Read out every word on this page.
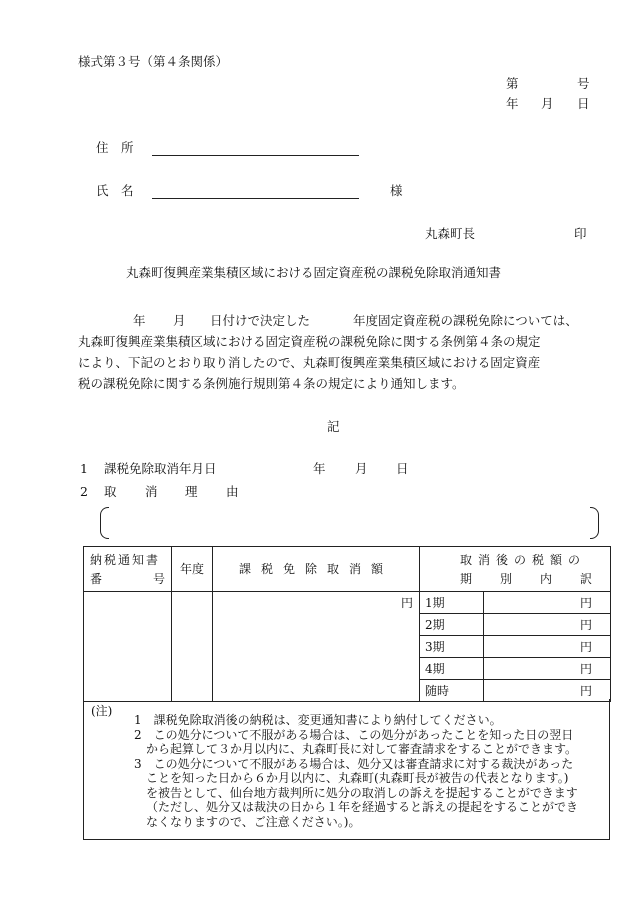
様式第３号（第４条関係）
第	号
年 月 日
住　所
氏　名	様
丸森町長	印
丸森町復興産業集積区域における固定資産税の課税免除取消通知書
年 月 日付けで決定した	年度固定資産税の課税免除については、
丸森町復興産業集積区域における固定資産税の課税免除に関する条例第４条の規定
により、下記のとおり取り消したので、丸森町復興産業集積区域における固定資産
税の課税免除に関する条例施行規則第４条の規定により通知します。
記
1 課税免除取消年月日	年 月 日
2 取 消 理 由
納税通知書
番 号	年度	課税免除取消額	取消後の税額の
期 別 内 訳	

		円	1期	円
			2期	円
			3期	円
			4期	円
			随時	円
(注)
1　課税免除取消後の納税は、変更通知書により納付してください。
2　この処分について不服がある場合は、この処分があったことを知った日の翌日
から起算して３か月以内に、丸森町長に対して審査請求をすることができます。
3　この処分について不服がある場合は、処分又は審査請求に対する裁決があった
ことを知った日から６か月以内に、丸森町(丸森町長が被告の代表となります。)
を被告として、仙台地方裁判所に処分の取消しの訴えを提起することができます
（ただし、処分又は裁決の日から１年を経過すると訴えの提起をすることができ
なくなりますので、ご注意ください。)。
